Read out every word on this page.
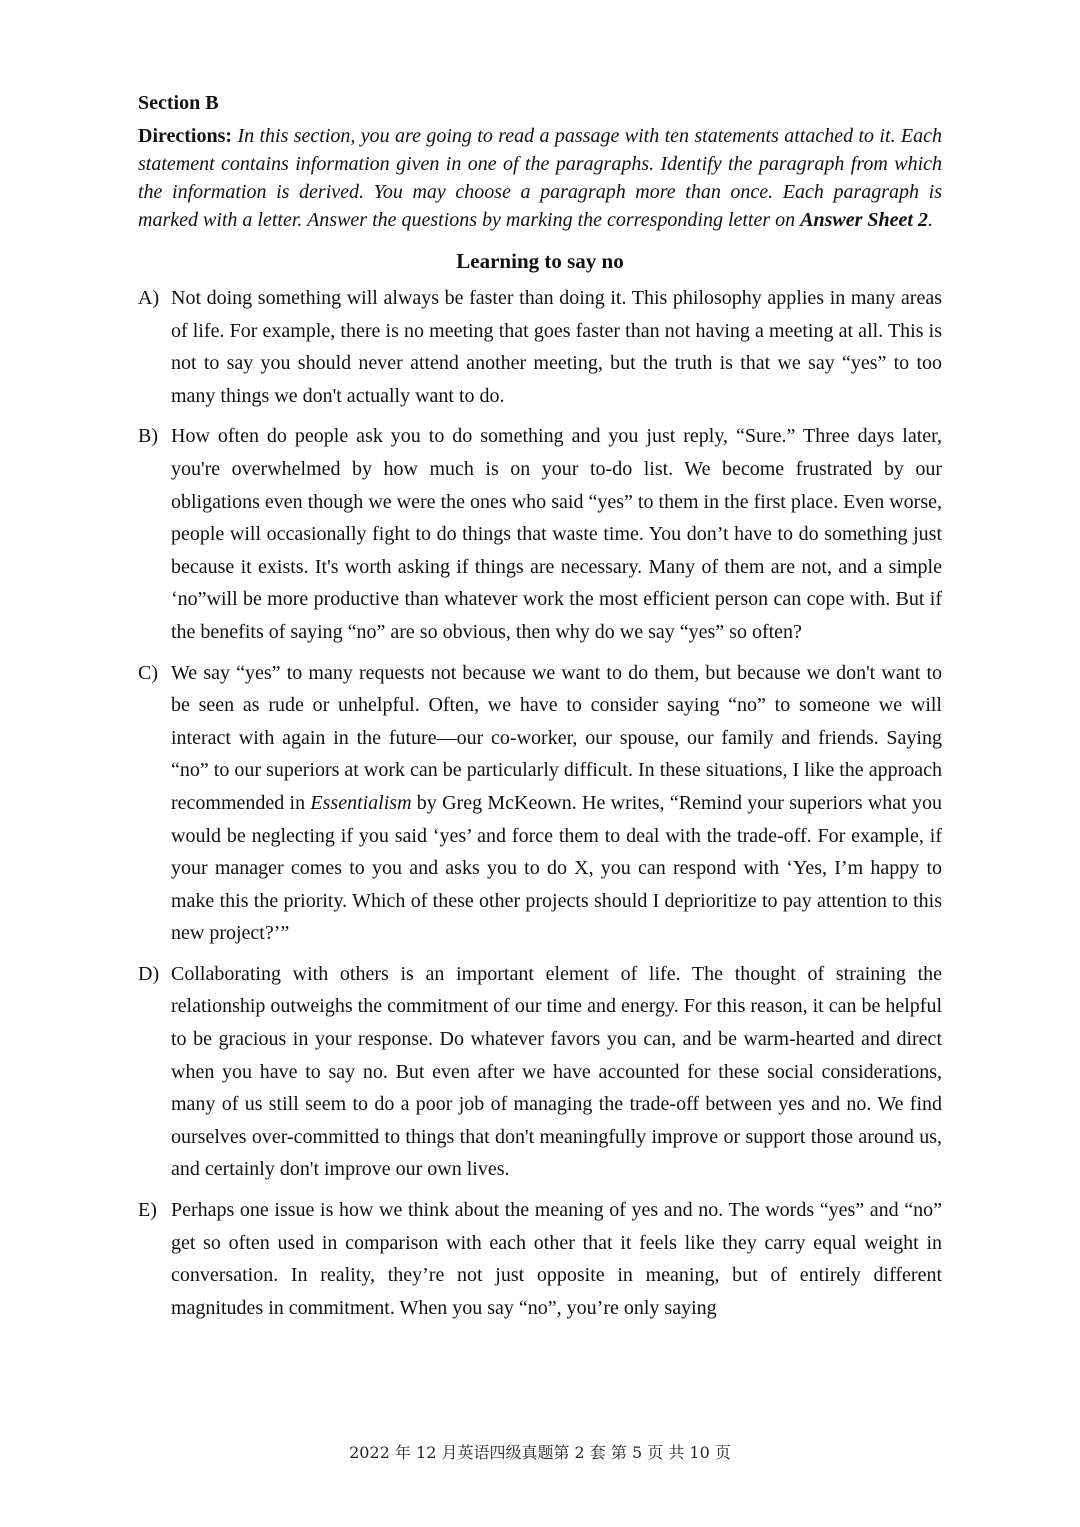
Section B

Directions: In this section, you are going to read a passage with ten statements attached to it. Each statement contains information given in one of the paragraphs. Identify the paragraph from which the information is derived. You may choose a paragraph more than once. Each paragraph is marked with a letter. Answer the questions by marking the corresponding letter on Answer Sheet 2.

Learning to say no
A) Not doing something will always be faster than doing it. This philosophy applies in many areas of life. For example, there is no meeting that goes faster than not having a meeting at all. This is not to say you should never attend another meeting, but the truth is that we say “yes” to too many things we don't actually want to do.
B) How often do people ask you to do something and you just reply, “Sure.” Three days later, you're overwhelmed by how much is on your to-do list. We become frustrated by our obligations even though we were the ones who said “yes” to them in the first place. Even worse, people will occasionally fight to do things that waste time. You don’t have to do something just because it exists. It's worth asking if things are necessary. Many of them are not, and a simple ‘no”will be more productive than whatever work the most efficient person can cope with. But if the benefits of saying “no” are so obvious, then why do we say “yes” so often?
C) We say “yes” to many requests not because we want to do them, but because we don't want to be seen as rude or unhelpful. Often, we have to consider saying “no” to someone we will interact with again in the future—our co-worker, our spouse, our family and friends. Saying “no” to our superiors at work can be particularly difficult. In these situations, I like the approach recommended in Essentialism by Greg McKeown. He writes, “Remind your superiors what you would be neglecting if you said ‘yes’ and force them to deal with the trade-off. For example, if your manager comes to you and asks you to do X, you can respond with ‘Yes, I’m happy to make this the priority. Which of these other projects should I deprioritize to pay attention to this new project?’”
D) Collaborating with others is an important element of life. The thought of straining the relationship outweighs the commitment of our time and energy. For this reason, it can be helpful to be gracious in your response. Do whatever favors you can, and be warm-hearted and direct when you have to say no. But even after we have accounted for these social considerations, many of us still seem to do a poor job of managing the trade-off between yes and no. We find ourselves over-committed to things that don't meaningfully improve or support those around us, and certainly don't improve our own lives.
E) Perhaps one issue is how we think about the meaning of yes and no. The words “yes” and “no” get so often used in comparison with each other that it feels like they carry equal weight in conversation. In reality, they’re not just opposite in meaning, but of entirely different magnitudes in commitment. When you say “no”, you’re only saying
2022 年 12 月英语四级真题第 2 套 第 5 页 共 10 页
